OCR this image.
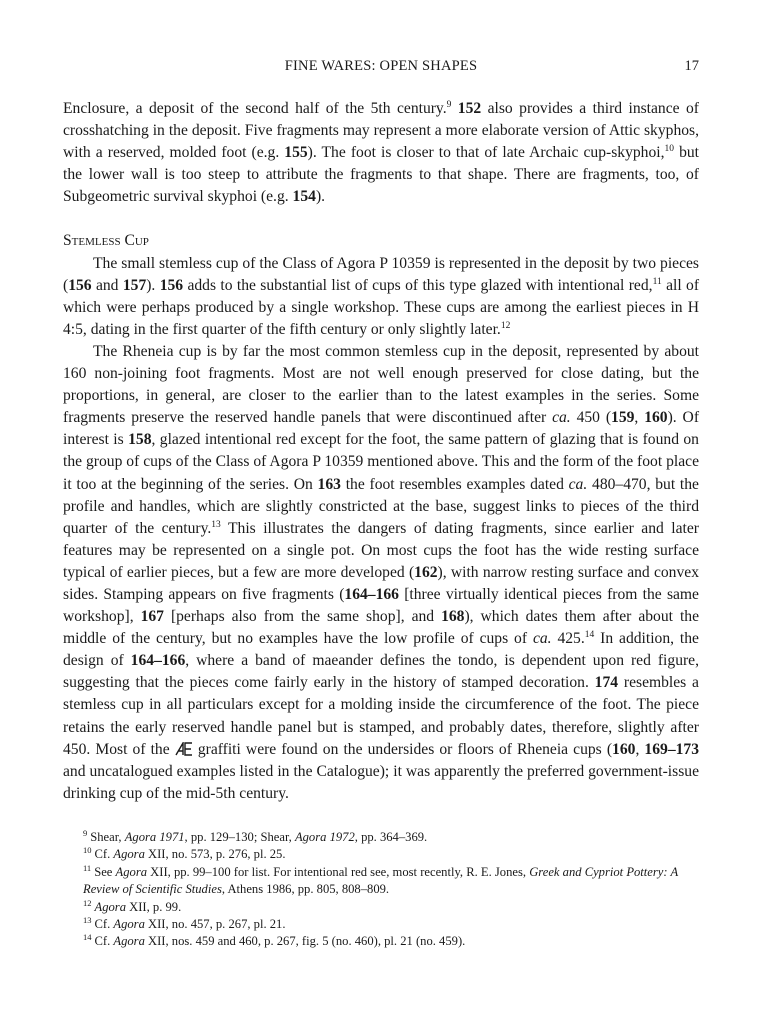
FINE WARES: OPEN SHAPES	17

Enclosure, a deposit of the second half of the 5th century.$^9$ 152 also provides a third instance of crosshatching in the deposit. Five fragments may represent a more elaborate version of Attic skyphos, with a reserved, molded foot (e.g. 155). The foot is closer to that of late Archaic cup-skyphoi,$^{10}$ but the lower wall is too steep to attribute the fragments to that shape. There are fragments, too, of Subgeometric survival skyphoi (e.g. 154).

Stemless Cup

The small stemless cup of the Class of Agora P 10359 is represented in the deposit by two pieces (156 and 157). 156 adds to the substantial list of cups of this type glazed with intentional red,$^{11}$ all of which were perhaps produced by a single workshop. These cups are among the earliest pieces in H 4:5, dating in the first quarter of the fifth century or only slightly later.$^{12}$

The Rheneia cup is by far the most common stemless cup in the deposit, represented by about 160 non-joining foot fragments. Most are not well enough preserved for close dating, but the proportions, in general, are closer to the earlier than to the latest examples in the series. Some fragments preserve the reserved handle panels that were discontinued after ca. 450 (159, 160). Of interest is 158, glazed intentional red except for the foot, the same pattern of glazing that is found on the group of cups of the Class of Agora P 10359 mentioned above. This and the form of the foot place it too at the beginning of the series. On 163 the foot resembles examples dated ca. 480–470, but the profile and handles, which are slightly constricted at the base, suggest links to pieces of the third quarter of the century.$^{13}$ This illustrates the dangers of dating fragments, since earlier and later features may be represented on a single pot. On most cups the foot has the wide resting surface typical of earlier pieces, but a few are more developed (162), with narrow resting surface and convex sides. Stamping appears on five fragments (164–166 [three virtually identical pieces from the same workshop], 167 [perhaps also from the same shop], and 168), which dates them after about the middle of the century, but no examples have the low profile of cups of ca. 425.14 In addition, the design of 164–166, where a band of maeander defines the tondo, is dependent upon red figure, suggesting that the pieces come fairly early in the history of stamped decoration. 174 resembles a stemless cup in all particulars except for a molding inside the circumference of the foot. The piece retains the early reserved handle panel but is stamped, and probably dates, therefore, slightly after 450. Most of the  graffiti were found on the undersides or floors of Rheneia cups (160, 169–173 and uncatalogued examples listed in the Catalogue); it was apparently the preferred government-issue drinking cup of the mid-5th century.

$^9$ Shear, Agora 1971, pp. 129–130; Shear, Agora 1972, pp. 364–369.

$^{10}$ Cf. Agora XII, no. 573, p. 276, pl. 25.

$^{11}$ See Agora XII, pp. 99–100 for list. For intentional red see, most recently, R. E. Jones, Greek and Cypriot Pottery: A Review of Scientific Studies, Athens 1986, pp. 805, 808–809.

$^{12}$ Agora XII, p. 99.

$^{13}$ Cf. Agora XII, no. 457, p. 267, pl. 21.

$^{14}$ Cf. Agora XII, nos. 459 and 460, p. 267, fig. 5 (no. 460), pl. 21 (no. 459).
